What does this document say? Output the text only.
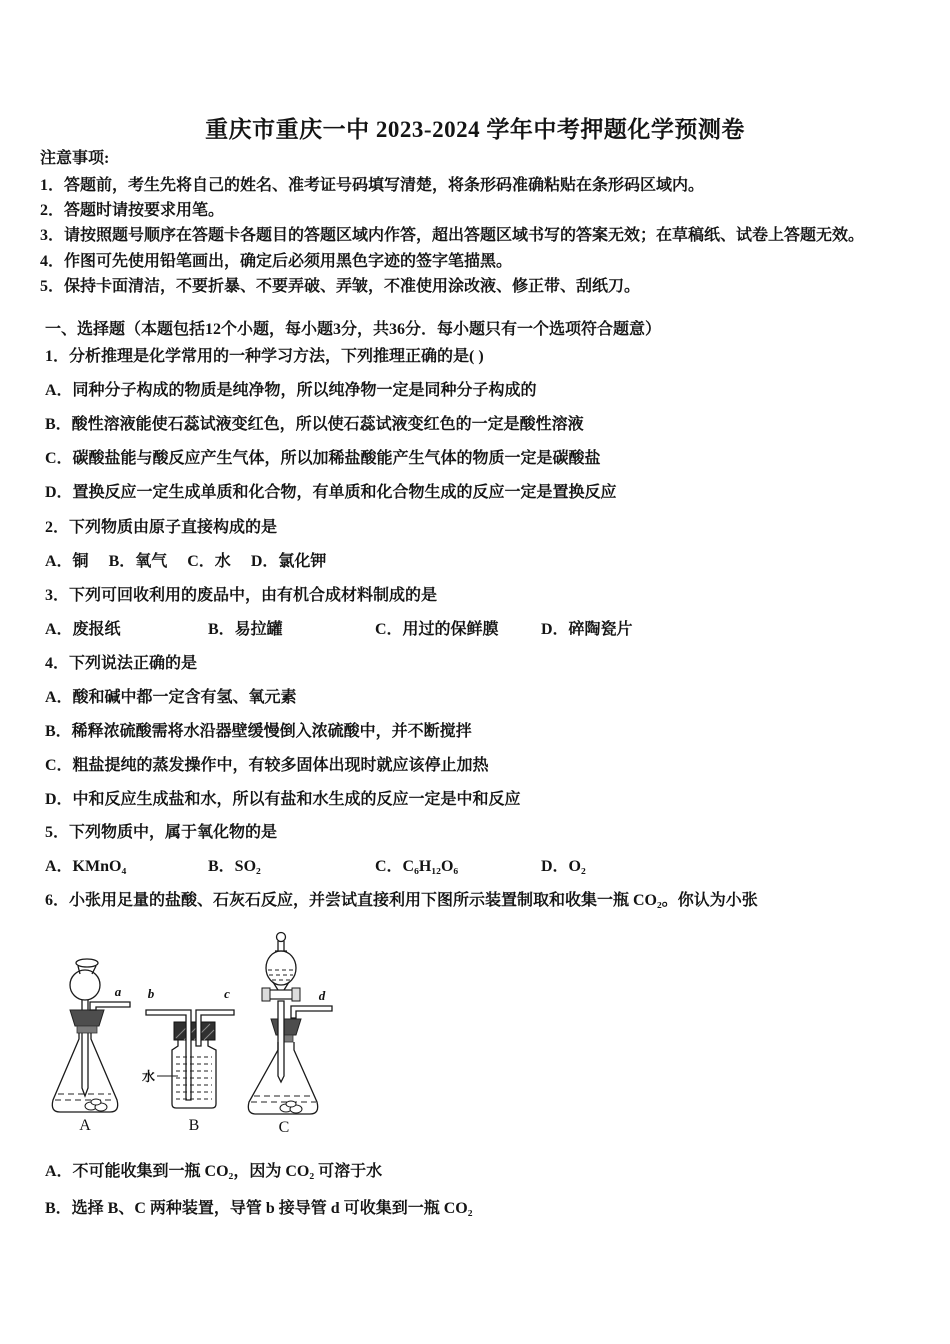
重庆市重庆一中 2023-2024 学年中考押题化学预测卷
注意事项:
1．答题前，考生先将自己的姓名、准考证号码填写清楚，将条形码准确粘贴在条形码区域内。
2．答题时请按要求用笔。
3．请按照题号顺序在答题卡各题目的答题区域内作答，超出答题区域书写的答案无效；在草稿纸、试卷上答题无效。
4．作图可先使用铅笔画出，确定后必须用黑色字迹的签字笔描黑。
5．保持卡面清洁，不要折暴、不要弄破、弄皱，不准使用涂改液、修正带、刮纸刀。
一、选择题（本题包括12个小题，每小题3分，共36分．每小题只有一个选项符合题意）
1．分析推理是化学常用的一种学习方法，下列推理正确的是( )
A．同种分子构成的物质是纯净物，所以纯净物一定是同种分子构成的
B．酸性溶液能使石蕊试液变红色，所以使石蕊试液变红色的一定是酸性溶液
C．碳酸盐能与酸反应产生气体，所以加稀盐酸能产生气体的物质一定是碳酸盐
D．置换反应一定生成单质和化合物，有单质和化合物生成的反应一定是置换反应
2．下列物质由原子直接构成的是
A．铜 B．氧气 C．水 D．氯化钾
3．下列可回收利用的废品中，由有机合成材料制成的是
A．废报纸	B．易拉罐	C．用过的保鲜膜	D．碎陶瓷片
4．下列说法正确的是
A．酸和碱中都一定含有氢、氧元素
B．稀释浓硫酸需将水沿器壁缓慢倒入浓硫酸中，并不断搅拌
C．粗盐提纯的蒸发操作中，有较多固体出现时就应该停止加热
D．中和反应生成盐和水，所以有盐和水生成的反应一定是中和反应
5．下列物质中，属于氧化物的是
A．KMnO₄	B．SO₂	C．C₆H₁₂O₆	D．O₂
6．小张用足量的盐酸、石灰石反应，并尝试直接利用下图所示装置制取和收集一瓶 CO₂。你认为小张
a
A
水
b	c
B
d
C
A．不可能收集到一瓶 CO₂，因为 CO₂ 可溶于水
B．选择 B、C 两种装置，导管 b 接导管 d 可收集到一瓶 CO₂
